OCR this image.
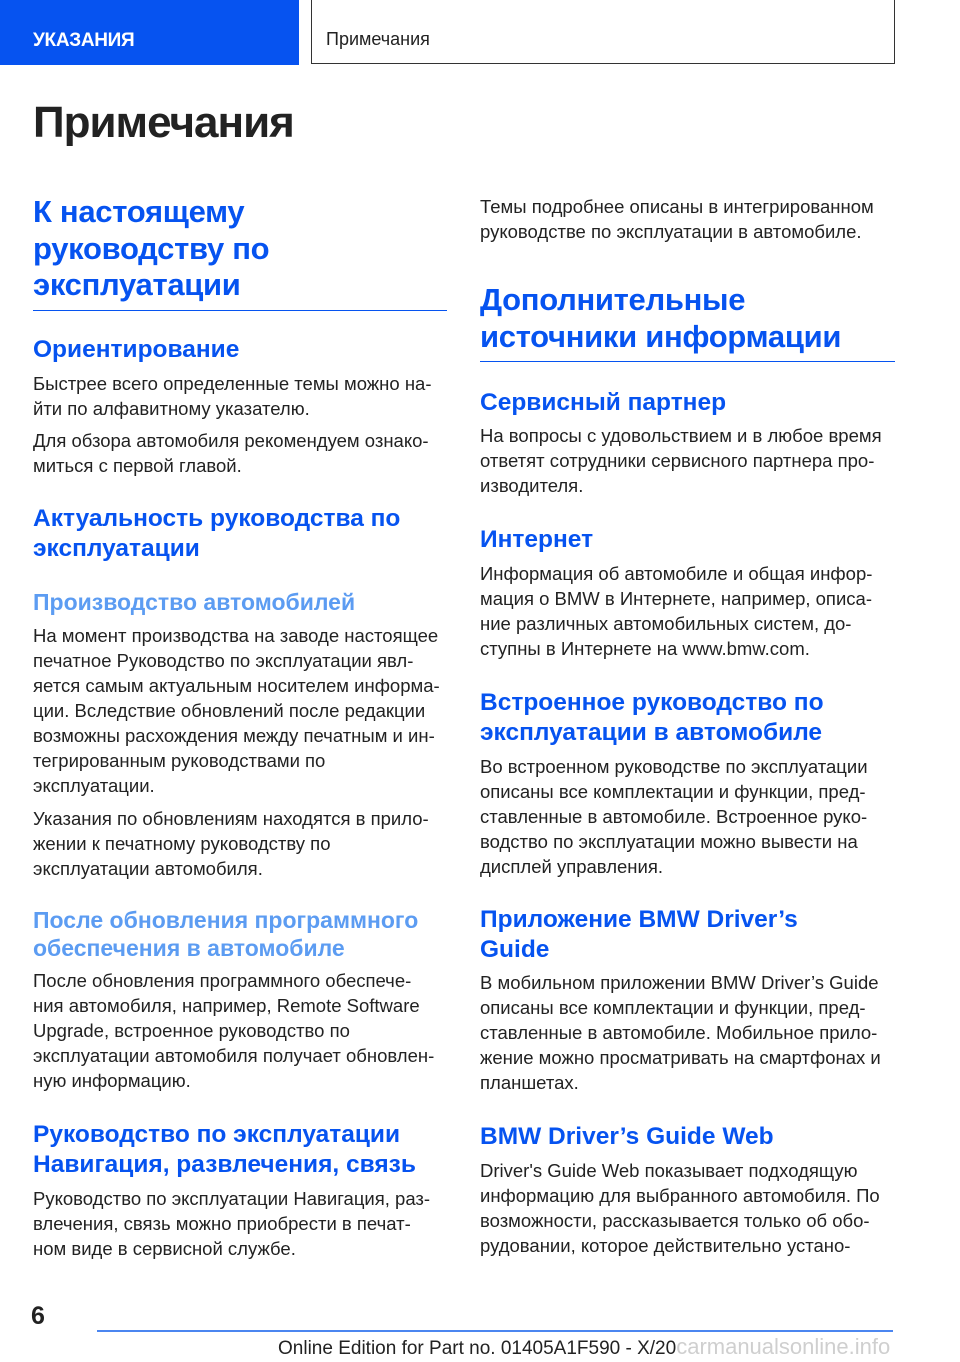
УКАЗАНИЯ	Примечания
Примечания
К настоящему
руководству по
эксплуатации
Ориентирование
Быстрее всего определенные темы можно на-
йти по алфавитному указателю.
Для обзора автомобиля рекомендуем ознако-
миться с первой главой.
Актуальность руководства по
эксплуатации
Производство автомобилей
На момент производства на заводе настоящее
печатное Руководство по эксплуатации явл-
яется самым актуальным носителем информа-
ции. Вследствие обновлений после редакции
возможны расхождения между печатным и ин-
тегрированным руководствами по
эксплуатации.
Указания по обновлениям находятся в прило-
жении к печатному руководству по
эксплуатации автомобиля.
После обновления программного
обеспечения в автомобиле
После обновления программного обеспече-
ния автомобиля, например, Remote Software
Upgrade, встроенное руководство по
эксплуатации автомобиля получает обновлен-
ную информацию.
Руководство по эксплуатации
Навигация, развлечения, связь
Руководство по эксплуатации Навигация, раз-
влечения, связь можно приобрести в печат-
ном виде в сервисной службе.
Темы подробнее описаны в интегрированном
руководстве по эксплуатации в автомобиле.
Дополнительные
источники информации
Сервисный партнер
На вопросы с удовольствием и в любое время
ответят сотрудники сервисного партнера про-
изводителя.
Интернет
Информация об автомобиле и общая инфор-
мация о BMW в Интернете, например, описа-
ние различных автомобильных систем, до-
ступны в Интернете на www.bmw.com.
Встроенное руководство по
эксплуатации в автомобиле
Во встроенном руководстве по эксплуатации
описаны все комплектации и функции, пред-
ставленные в автомобиле. Встроенное руко-
водство по эксплуатации можно вывести на
дисплей управления.
Приложение BMW Driver’s
Guide
В мобильном приложении BMW Driver’s Guide
описаны все комплектации и функции, пред-
ставленные в автомобиле. Мобильное прило-
жение можно просматривать на смартфонах и
планшетах.
BMW Driver’s Guide Web
Driver's Guide Web показывает подходящую
информацию для выбранного автомобиля. По
возможности, рассказывается только об обо-
рудовании, которое действительно устано-
6
Online Edition for Part no. 01405A1F590 - X/20carmanualsonline.info
